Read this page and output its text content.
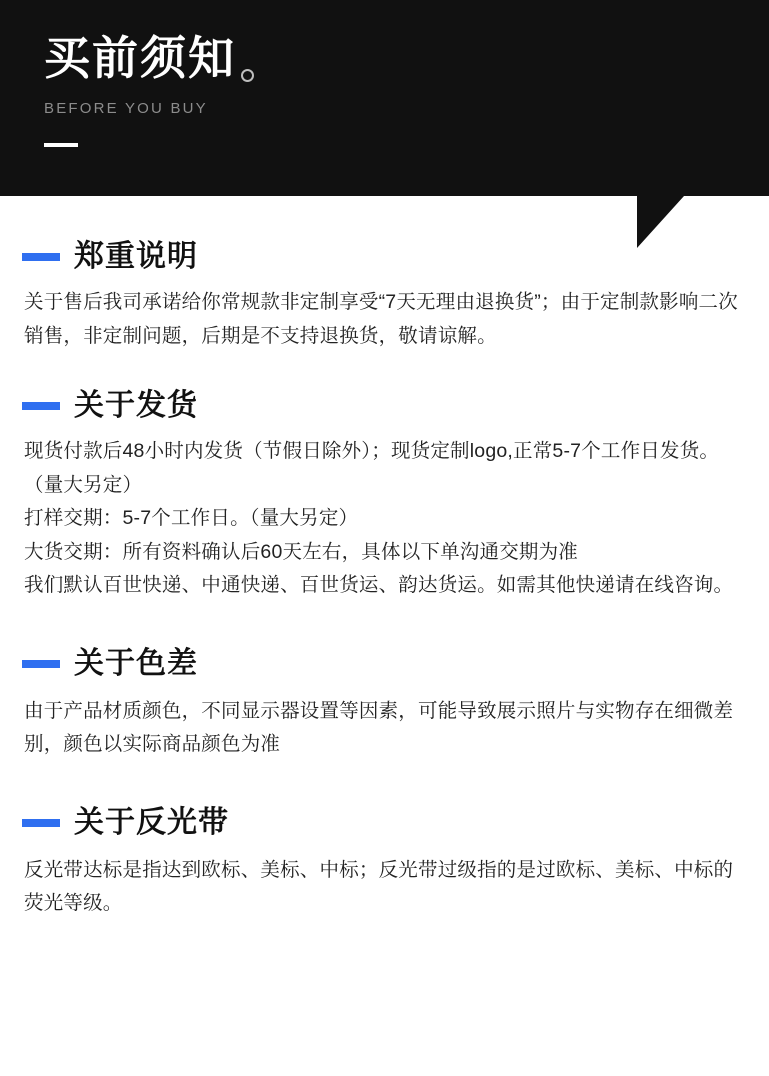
买前须知
BEFORE YOU BUY
郑重说明

关于售后我司承诺给你常规款非定制享受“7天无理由退换货”；由于定制款影响二次销售，非定制问题，后期是不支持退换货，敬请谅解。

关于发货

现货付款后48小时内发货（节假日除外）；现货定制logo,正常5-7个工作日发货。（量大另定）

打样交期：5-7个工作日。（量大另定）

大货交期：所有资料确认后60天左右，具体以下单沟通交期为准

我们默认百世快递、中通快递、百世货运、韵达货运。如需其他快递请在线咨询。

关于色差

由于产品材质颜色，不同显示器设置等因素，可能导致展示照片与实物存在细微差别，颜色以实际商品颜色为准

关于反光带

反光带达标是指达到欧标、美标、中标；反光带过级指的是过欧标、美标、中标的荧光等级。
